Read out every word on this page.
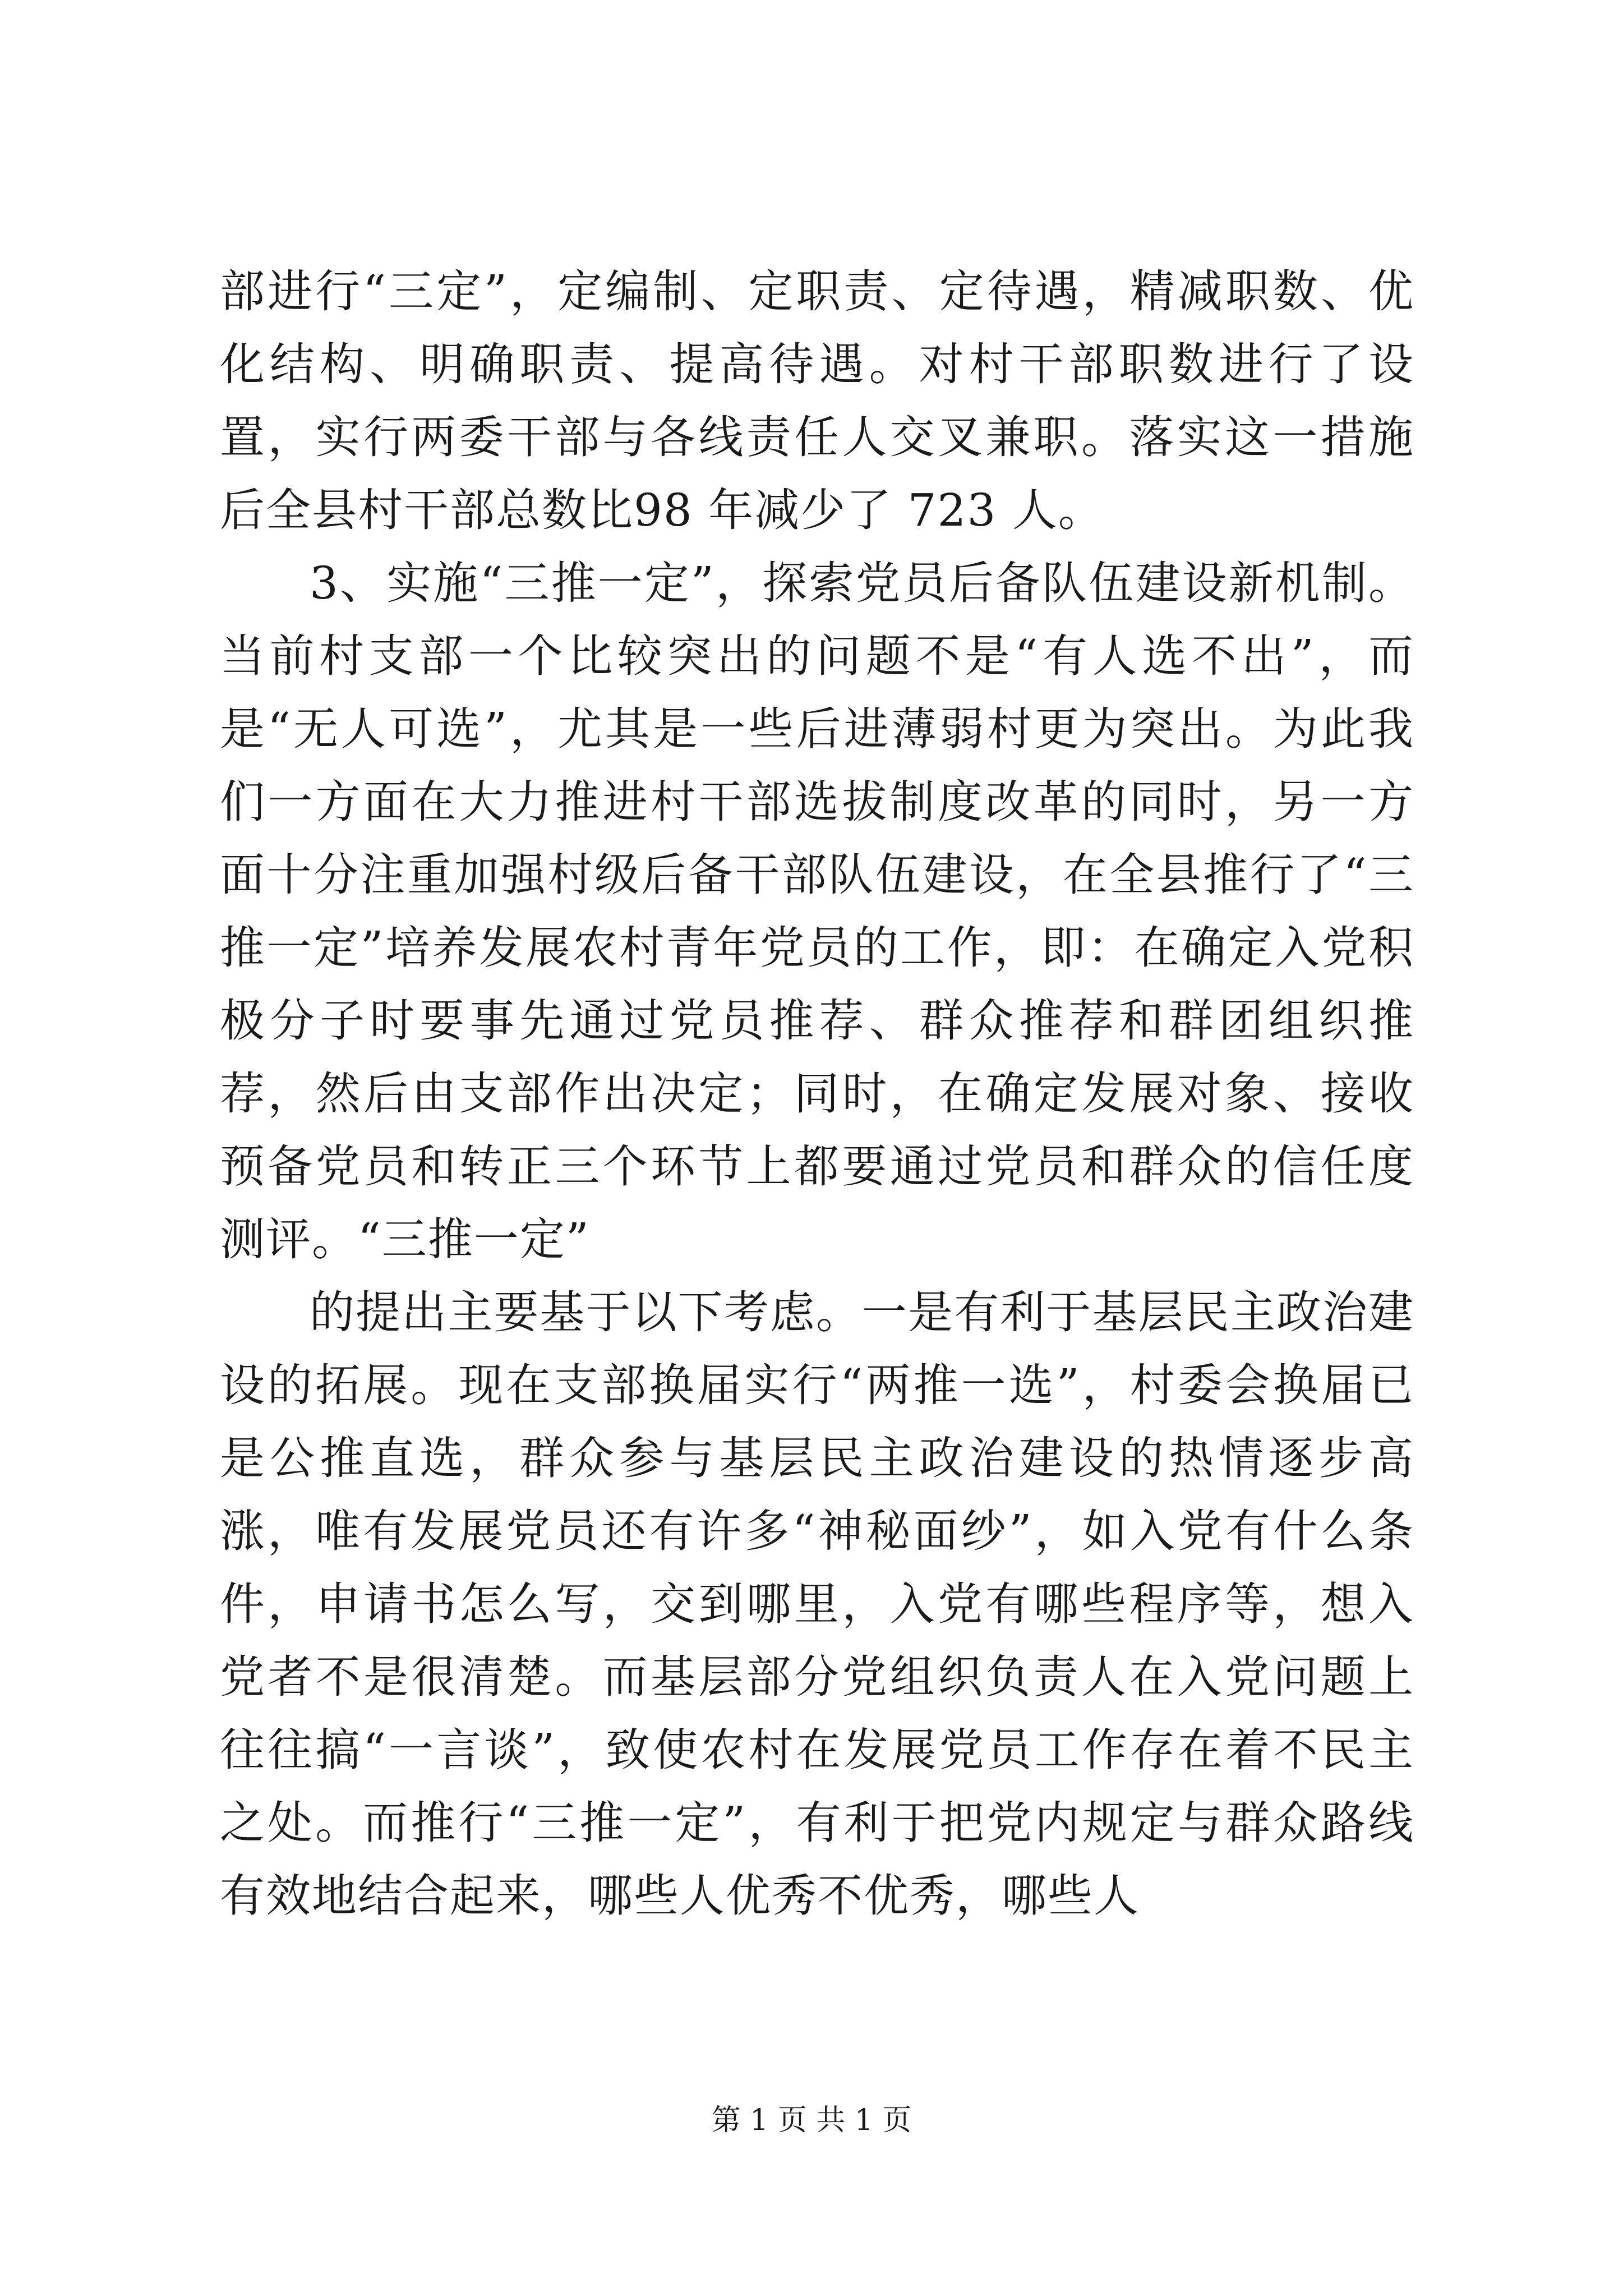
部进行“三定”，定编制、定职责、定待遇，精减职数、优化结构、明确职责、提高待遇。对村干部职数进行了设置，实行两委干部与各线责任人交叉兼职。落实这一措施后全县村干部总数比98 年减少了 723 人。

3、实施“三推一定”，探索党员后备队伍建设新机制。当前村支部一个比较突出的问题不是“有人选不出”，而是“无人可选”，尤其是一些后进薄弱村更为突出。为此我们一方面在大力推进村干部选拔制度改革的同时，另一方面十分注重加强村级后备干部队伍建设，在全县推行了“三推一定”培养发展农村青年党员的工作，即：在确定入党积极分子时要事先通过党员推荐、群众推荐和群团组织推荐，然后由支部作出决定；同时，在确定发展对象、接收预备党员和转正三个环节上都要通过党员和群众的信任度测评。“三推一定”

的提出主要基于以下考虑。一是有利于基层民主政治建设的拓展。现在支部换届实行“两推一选”，村委会换届已是公推直选，群众参与基层民主政治建设的热情逐步高涨，唯有发展党员还有许多“神秘面纱”，如入党有什么条件，申请书怎么写，交到哪里，入党有哪些程序等，想入党者不是很清楚。而基层部分党组织负责人在入党问题上往往搞“一言谈”，致使农村在发展党员工作存在着不民主之处。而推行“三推一定”，有利于把党内规定与群众路线有效地结合起来，哪些人优秀不优秀，哪些人

第 1 页 共 1 页
